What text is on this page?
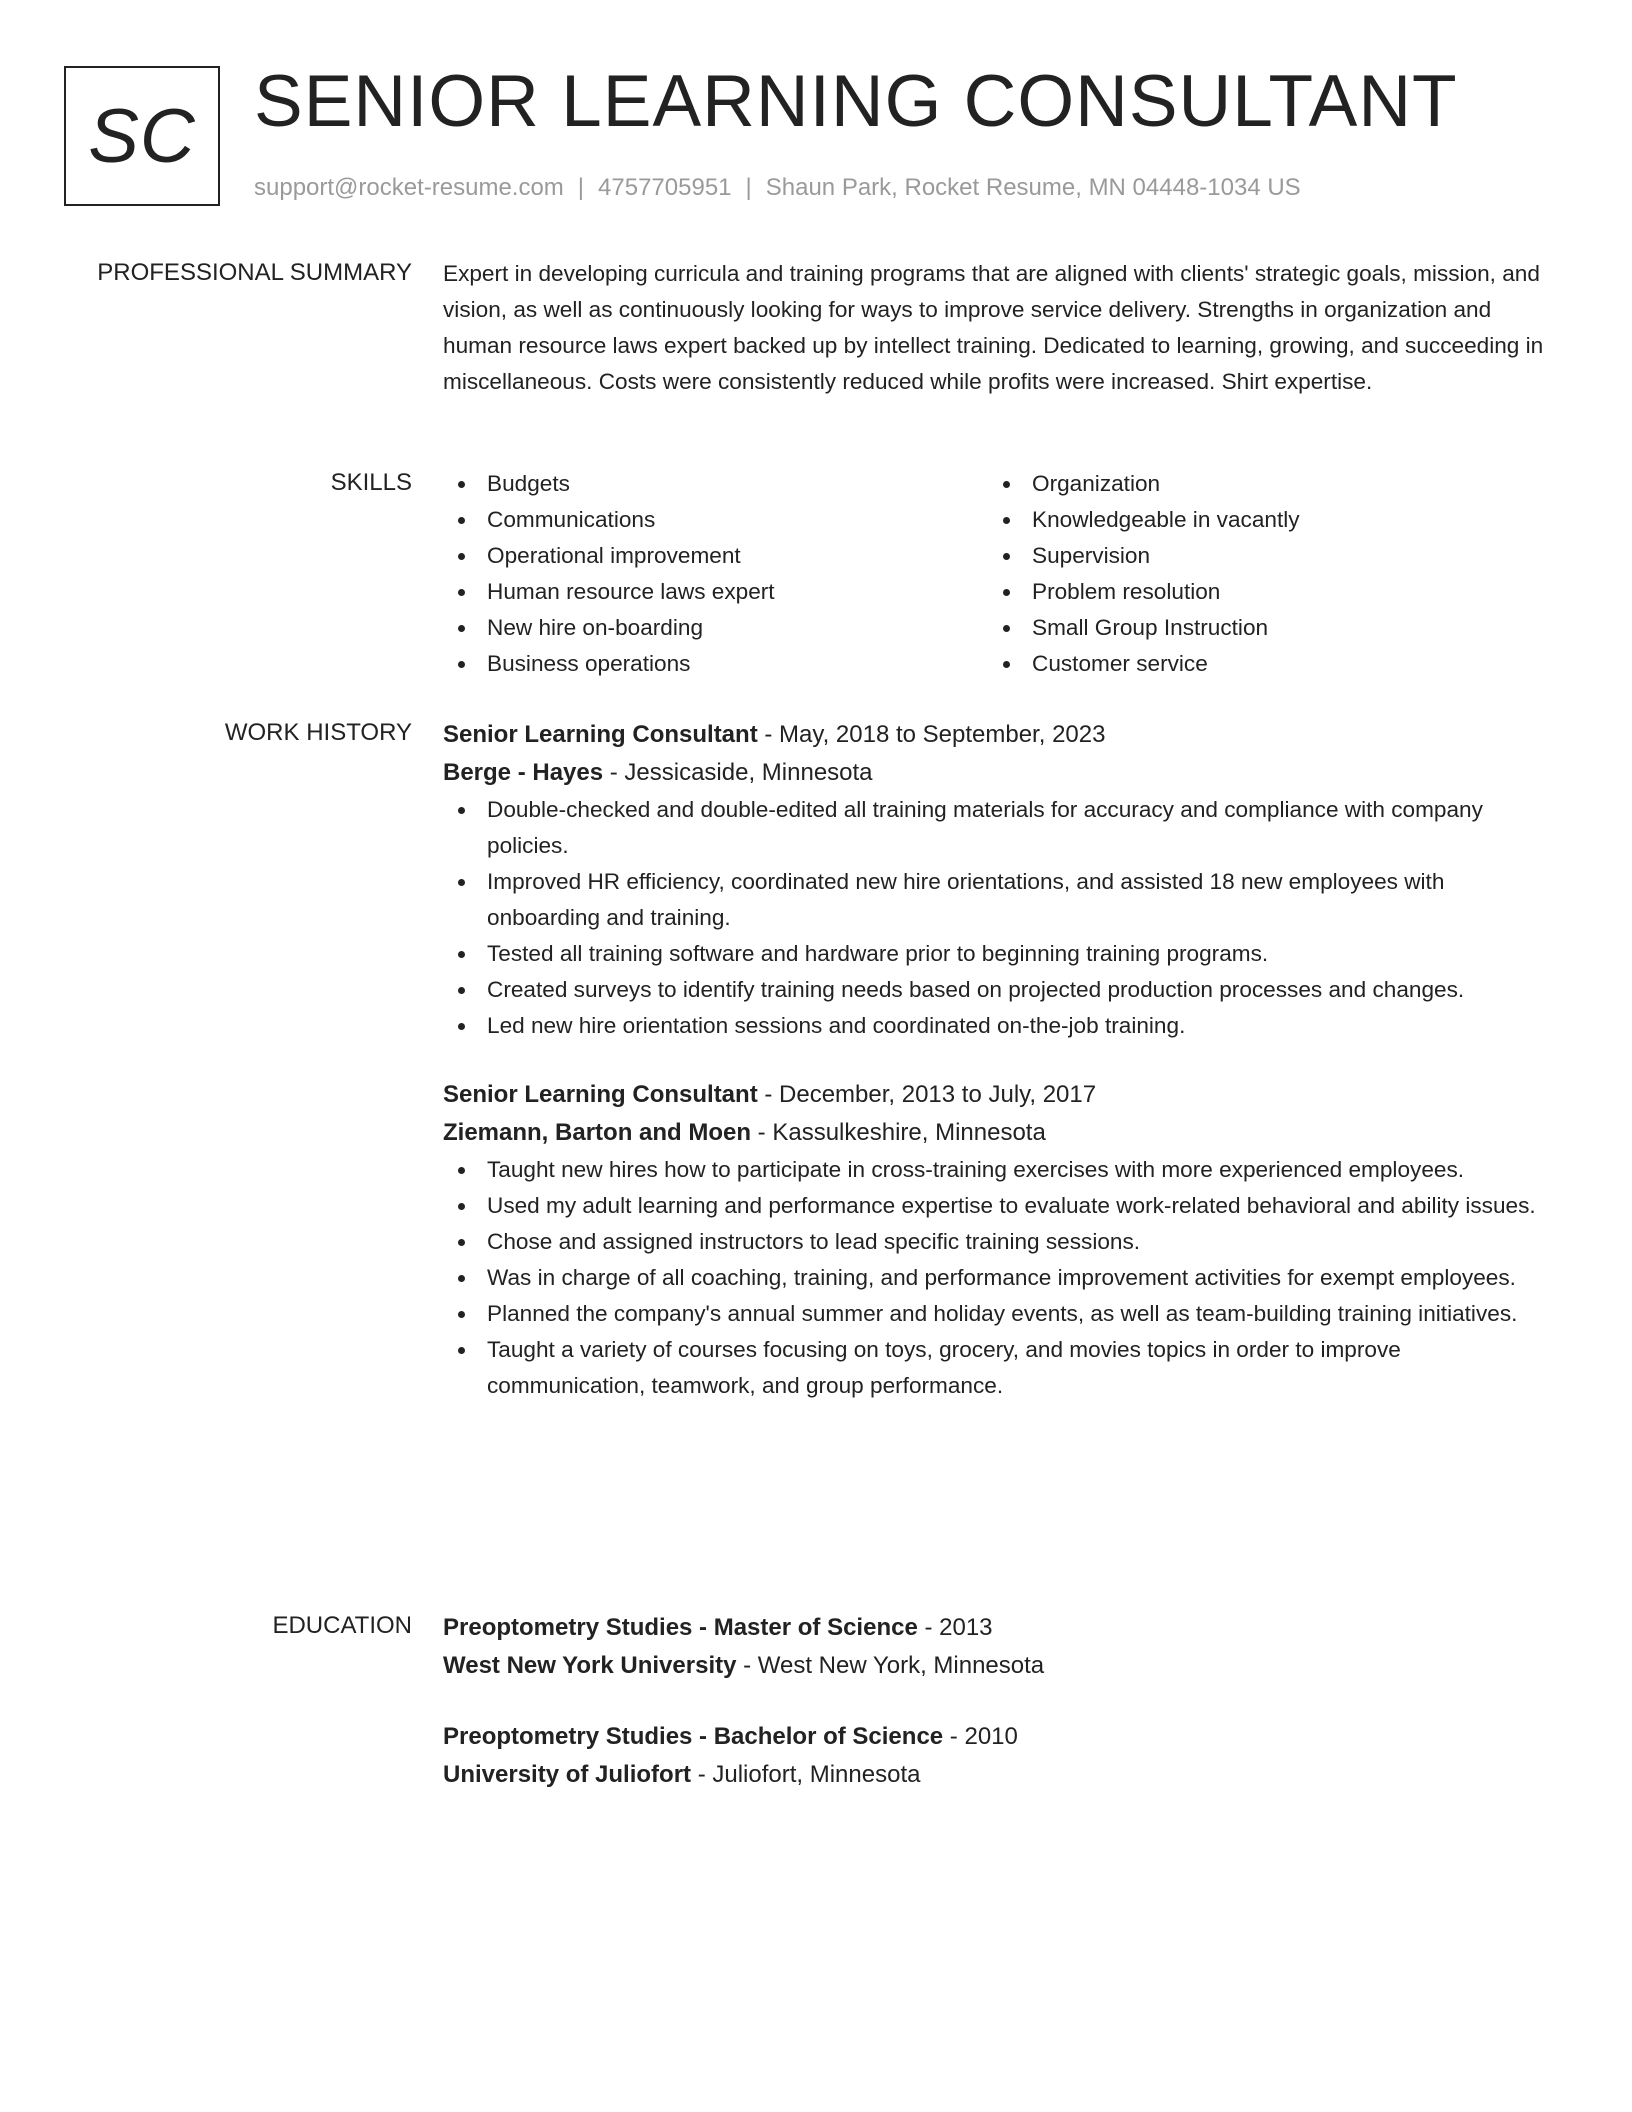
SC SENIOR LEARNING CONSULTANT
support@rocket-resume.com | 4757705951 | Shaun Park, Rocket Resume, MN 04448-1034 US
PROFESSIONAL SUMMARY Expert in developing curricula and training programs that are aligned with clients' strategic goals, mission, and vision, as well as continuously looking for ways to improve service delivery. Strengths in organization and human resource laws expert backed up by intellect training. Dedicated to learning, growing, and succeeding in miscellaneous. Costs were consistently reduced while profits were increased. Shirt expertise.

SKILLS	Budgets
Communications
Operational improvement
Human resource laws expert
New hire on-boarding
Business operations
Organization
Knowledgeable in vacantly
Supervision
Problem resolution
Small Group Instruction
Customer service
WORK HISTORY Senior Learning Consultant - May, 2018 to September, 2023
Berge - Hayes - Jessicaside, Minnesota
Double-checked and double-edited all training materials for accuracy and compliance with company policies.
Improved HR efficiency, coordinated new hire orientations, and assisted 18 new employees with onboarding and training.
Tested all training software and hardware prior to beginning training programs.
Created surveys to identify training needs based on projected production processes and changes.
Led new hire orientation sessions and coordinated on-the-job training.
Senior Learning Consultant - December, 2013 to July, 2017
Ziemann, Barton and Moen - Kassulkeshire, Minnesota
Taught new hires how to participate in cross-training exercises with more experienced employees.
Used my adult learning and performance expertise to evaluate work-related behavioral and ability issues.
Chose and assigned instructors to lead specific training sessions.
Was in charge of all coaching, training, and performance improvement activities for exempt employees.
Planned the company's annual summer and holiday events, as well as team-building training initiatives.
Taught a variety of courses focusing on toys, grocery, and movies topics in order to improve communication, teamwork, and group performance.
EDUCATION Preoptometry Studies - Master of Science - 2013
West New York University - West New York, Minnesota
Preoptometry Studies - Bachelor of Science - 2010
University of Juliofort - Juliofort, Minnesota
